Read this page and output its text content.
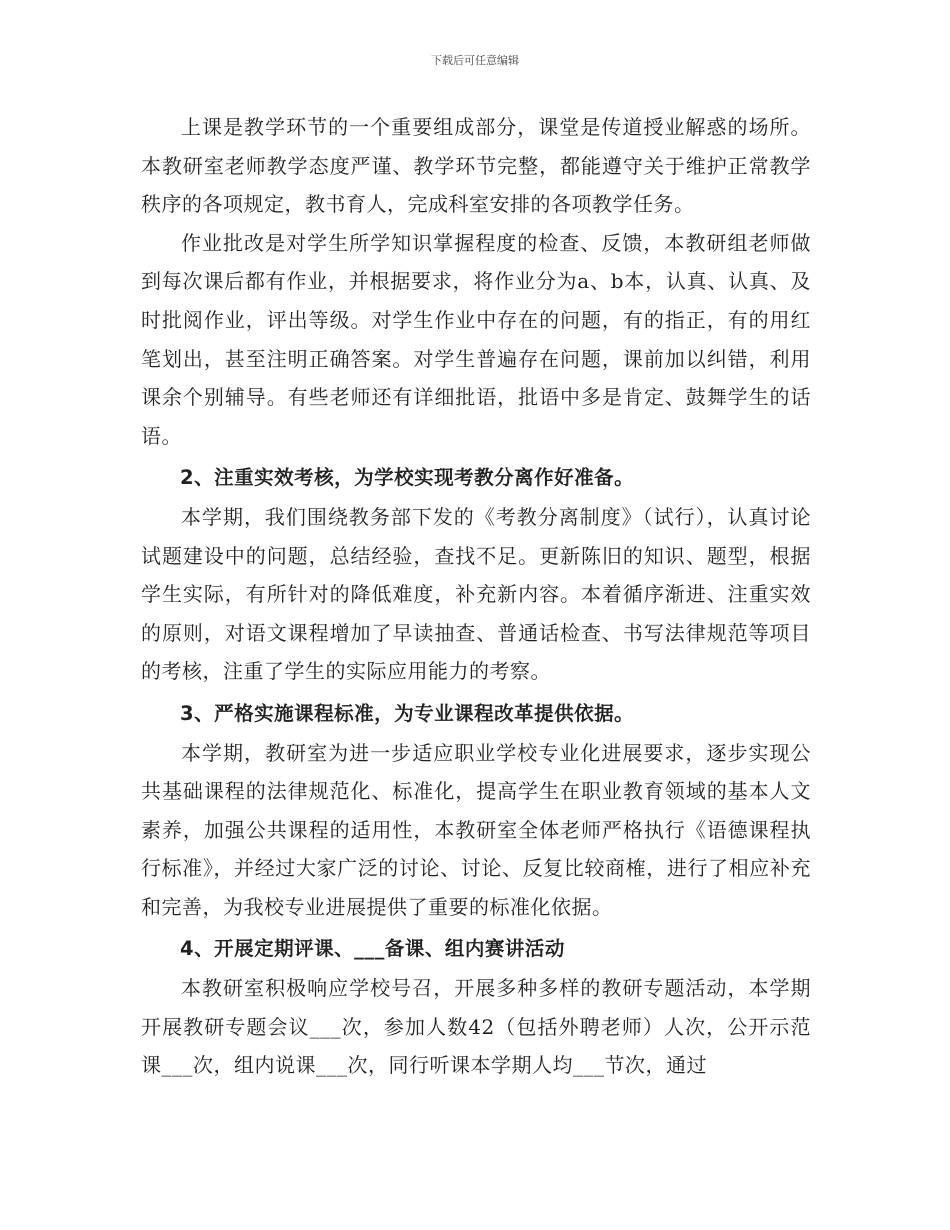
下载后可任意编辑

上课是教学环节的一个重要组成部分，课堂是传道授业解惑的场所。本教研室老师教学态度严谨、教学环节完整，都能遵守关于维护正常教学秩序的各项规定，教书育人，完成科室安排的各项教学任务。

作业批改是对学生所学知识掌握程度的检查、反馈，本教研组老师做到每次课后都有作业，并根据要求，将作业分为a、b本，认真、认真、及时批阅作业，评出等级。对学生作业中存在的问题，有的指正，有的用红笔划出，甚至注明正确答案。对学生普遍存在问题，课前加以纠错，利用课余个别辅导。有些老师还有详细批语，批语中多是肯定、鼓舞学生的话语。

2、注重实效考核，为学校实现考教分离作好准备。

本学期，我们围绕教务部下发的《考教分离制度》（试行），认真讨论试题建设中的问题，总结经验，查找不足。更新陈旧的知识、题型，根据学生实际，有所针对的降低难度，补充新内容。本着循序渐进、注重实效的原则，对语文课程增加了早读抽查、普通话检查、书写法律规范等项目的考核，注重了学生的实际应用能力的考察。

3、严格实施课程标准，为专业课程改革提供依据。

本学期，教研室为进一步适应职业学校专业化进展要求，逐步实现公共基础课程的法律规范化、标准化，提高学生在职业教育领域的基本人文素养，加强公共课程的适用性，本教研室全体老师严格执行《语德课程执行标准》，并经过大家广泛的讨论、讨论、反复比较商榷，进行了相应补充和完善，为我校专业进展提供了重要的标准化依据。

4、开展定期评课、___备课、组内赛讲活动

本教研室积极响应学校号召，开展多种多样的教研专题活动，本学期开展教研专题会议___次，参加人数42（包括外聘老师）人次，公开示范课___次，组内说课___次，同行听课本学期人均___节次，通过
